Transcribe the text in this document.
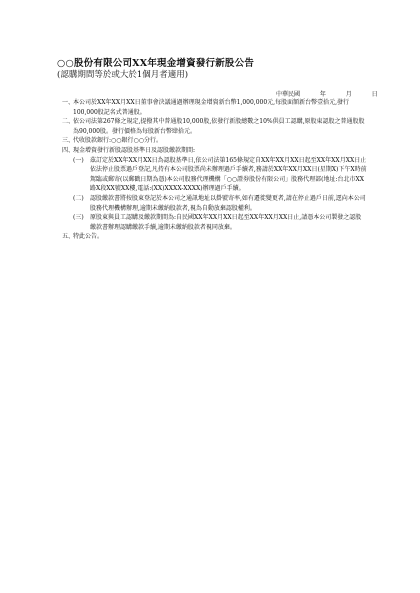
○○股份有限公司XX年現金增資發行新股公告
(認購期間等於或大於1個月者適用)
中華民國	年	月	日
一、
本公司於XX年XX月XX日董事會決議通過辦理現金增資新台幣1,000,000元,每股面額新台幣壹拾元,發行100,000股記名式普通股。
二、
依公司法第267條之規定,提撥其中普通股10,000股,依發行新股總數之10%供員工認購,原股東認股之普通股股為90,000股。發行價格為每股新台幣肆拾元。
三、
代收股款銀行:○○銀行○○分行。
四、
現金增資發行新股認股基準日及認股繳款期間:
(一) 茲訂定於XX年XX月XX日為認股基準日,依公司法第165條規定自XX年XX月XX日起至XX年XX月XX日止依法停止股票過戶登記,凡持有本公司股票尚未辦理過戶手續者,務請於XX年XX月XX日(星期X)下午X時前駕臨或郵寄(以郵戳日期為憑)本公司股務代理機構「○○證券股份有限公司」股務代理部(地址:台北市XX路X段XX號XX樓,電話:(XX)XXXX-XXXX)辦理過戶手續。
(二) 認股繳款書將按股東登記於本公司之通訊地址以掛號寄率,如有遷徙變更者,請在停止過戶日前,逕向本公司股務代理機構辦理,逾期未繳納股款者,視為自動放棄認股權利。
(三) 原股東與員工認購及繳款期間為:自民國XX年XX月XX日起至XX年XX月XX日止,請憑本公司製發之認股繳款書辦理認購繳款手續,逾期未繳納股款者視同放棄。
五、
特此公告。
